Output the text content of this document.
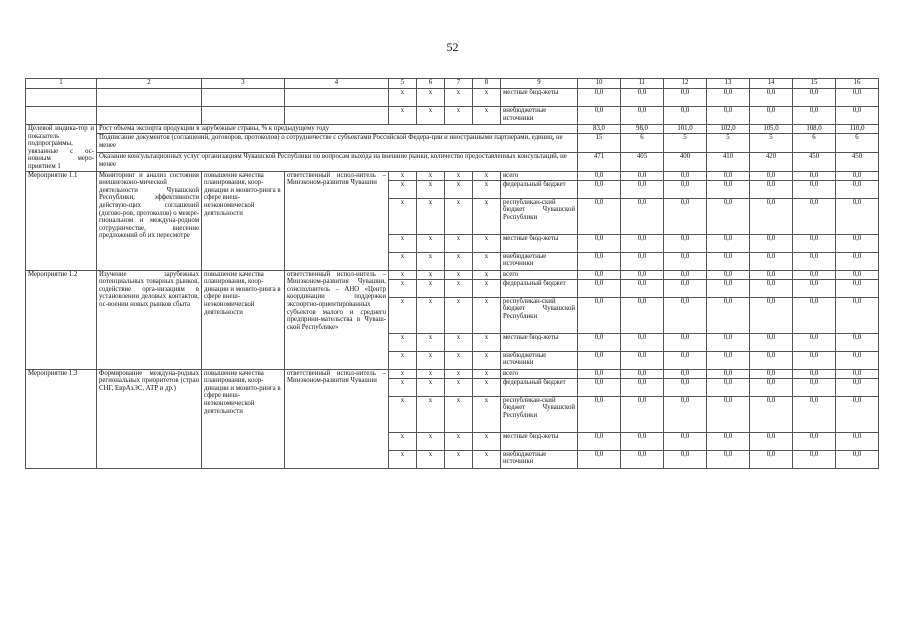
52
1	2	3	4	5	6	7	8	9	10	11	12	13	14	15	16
				х	х	х	х	местные бюд-жеты	0,0	0,0	0,0	0,0	0,0	0,0	0,0
				х	х	х	х	внебюджетные источники	0,0	0,0	0,0	0,0	0,0	0,0	0,0
Целевой индика-тор и показатель подпрограммы, увязанные с ос-новным меро-приятием 1	Рост объема экспорта продукции в зарубежные страны, % к предыдущему году								83,0	98,0	101,0	102,0	105,0	108,0	110,0
	Подписание документов (соглашений, договоров, протоколов) о сотрудничестве с субъектами Российской Федера-ции и иностранными партнерами, единиц, не менее								15	6	5	5	5	6	6
	Оказание консультационных услуг организациям Чувашской Республики по вопросам выхода на внешние рынки, количество предоставленных консультаций, не менее								471	405	400	410	420	450	450
Мероприятие 1.1	Мониторинг и анализ состояния внешнеэконо-мической деятельности Чувашской Республики, эффективности действую-щих соглашений (догово-ров, протоколов) о межре-гиональном и междуна-родном сотрудничестве, внесение предложений об их пересмотре	повышение качества планирования, коор-динации и монито-ринга в сфере внеш-неэкономической деятельности	ответственный испол-нитель – Минэконом-развития Чувашии	х	х	х	х	всего	0,0	0,0	0,0	0,0	0,0	0,0	0,0
				х	х	х	х	федеральный бюджет	0,0	0,0	0,0	0,0	0,0	0,0	0,0
				х	х	х	х	республикан-ский бюджет Чувашской Республики	0,0	0,0	0,0	0,0	0,0	0,0	0,0
				х	х	х	х	местные бюд-жеты	0,0	0,0	0,0	0,0	0,0	0,0	0,0
				х	х	х	х	внебюджетные источники	0,0	0,0	0,0	0,0	0,0	0,0	0,0
Мероприятие 1.2	Изучение зарубежных потенциальных товарных рынков, содействие орга-низациям в установлении деловых контактов, ос-воении новых рынков сбыта	повышение качества планирования, коор-динации и монито-ринга в сфере внеш-неэкономической деятельности	ответственный испол-нитель – Минэконом-развития Чувашии, соисполнитель – АНО «Центр координации поддержки экспортно-ориентированных субъектов малого и среднего предприни-мательства в Чуваш-ской Республике»	х	х	х	х	всего	0,0	0,0	0,0	0,0	0,0	0,0	0,0
				х	х	х	х	федеральный бюджет	0,0	0,0	0,0	0,0	0,0	0,0	0,0
				х	х	х	х	республикан-ский бюджет Чувашской Республики	0,0	0,0	0,0	0,0	0,0	0,0	0,0
				х	х	х	х	местные бюд-жеты	0,0	0,0	0,0	0,0	0,0	0,0	0,0
				х	х	х	х	внебюджетные источники	0,0	0,0	0,0	0,0	0,0	0,0	0,0
Мероприятие 1.3	Формирование междуна-родных региональных приоритетов (стран СНГ, ЕврАзЭС, АТР и др.)	повышение качества планирования, коор-динации и монито-ринга в сфере внеш-неэкономической деятельности	ответственный испол-нитель – Минэконом-развития Чувашии	х	х	х	х	всего	0,0	0,0	0,0	0,0	0,0	0,0	0,0
				х	х	х	х	федеральный бюджет	0,0	0,0	0,0	0,0	0,0	0,0	0,0
				х	х	х	х	республикан-ский бюджет Чувашской Республики	0,0	0,0	0,0	0,0	0,0	0,0	0,0
				х	х	х	х	местные бюд-жеты	0,0	0,0	0,0	0,0	0,0	0,0	0,0
				х	х	х	х	внебюджетные источники	0,0	0,0	0,0	0,0	0,0	0,0	0,0
